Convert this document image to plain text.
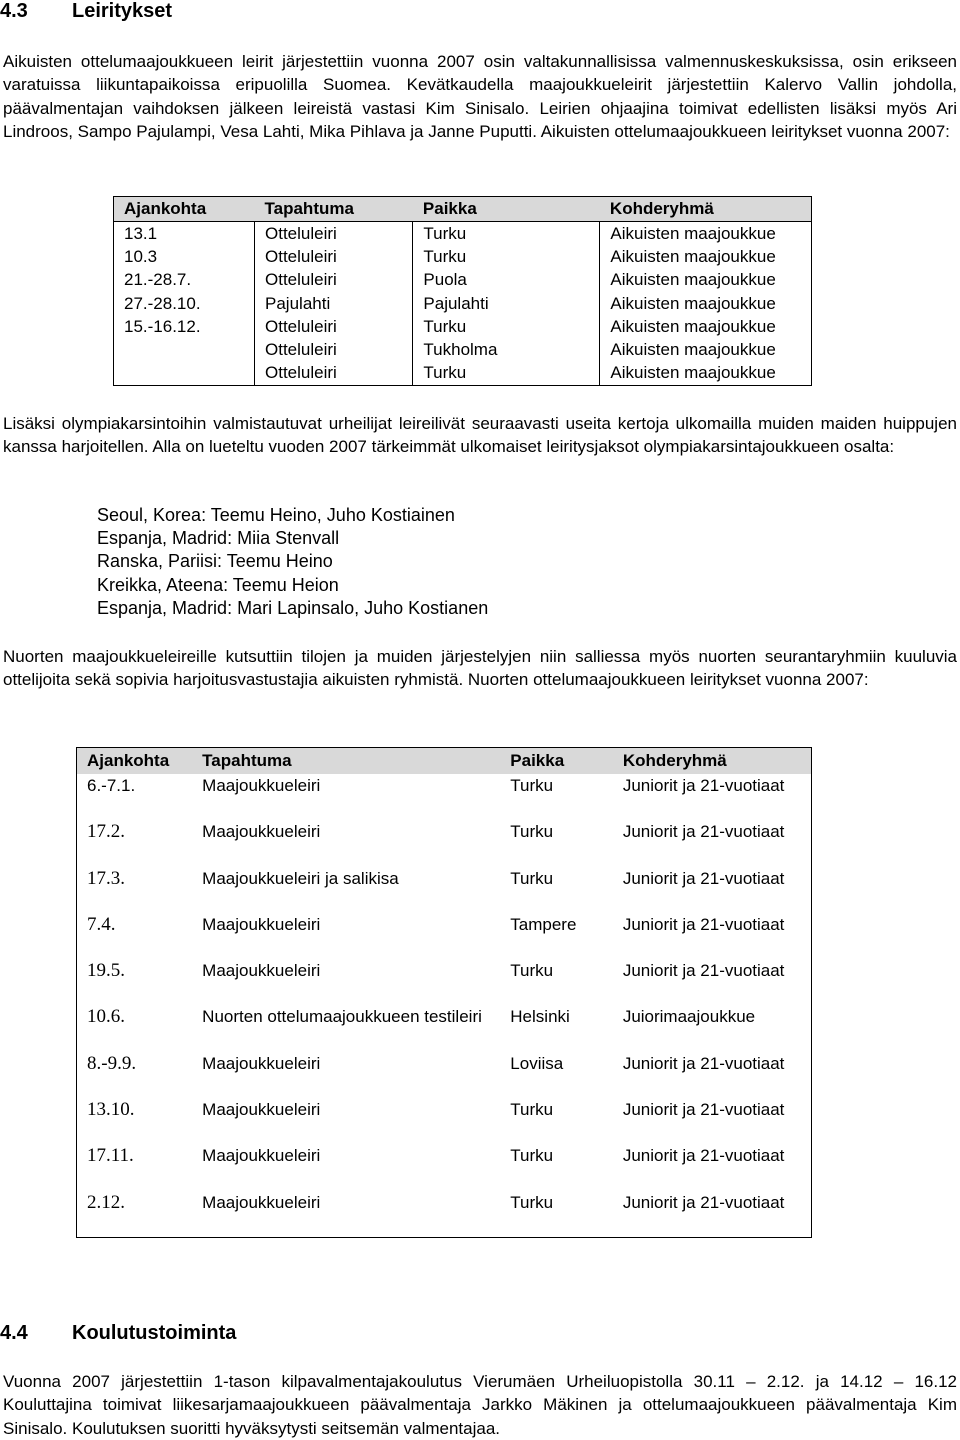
4.3 Leiritykset

Aikuisten ottelumaajoukkueen leirit järjestettiin vuonna 2007 osin valtakunnallisissa valmennuskeskuksissa, osin erikseen varatuissa liikuntapaikoissa eripuolilla Suomea. Kevätkaudella maajoukkueleirit järjestettiin Kalervo Vallin johdolla, päävalmentajan vaihdoksen jälkeen leireistä vastasi Kim Sinisalo. Leirien ohjaajina toimivat edellisten lisäksi myös Ari Lindroos, Sampo Pajulampi, Vesa Lahti, Mika Pihlava ja Janne Puputti. Aikuisten ottelumaajoukkueen leiritykset vuonna 2007:

Ajankohta	Tapahtuma	Paikka	Kohderyhmä
13.1	Otteluleiri	Turku	Aikuisten maajoukkue
10.3	Otteluleiri	Turku	Aikuisten maajoukkue
21.-28.7.	Otteluleiri	Puola	Aikuisten maajoukkue
27.-28.10.	Pajulahti	Pajulahti	Aikuisten maajoukkue
15.-16.12.	Otteluleiri	Turku	Aikuisten maajoukkue
	Otteluleiri	Tukholma	Aikuisten maajoukkue
	Otteluleiri	Turku	Aikuisten maajoukkue

Lisäksi olympiakarsintoihin valmistautuvat urheilijat leireilivät seuraavasti useita kertoja ulkomailla muiden maiden huippujen kanssa harjoitellen. Alla on lueteltu vuoden 2007 tärkeimmät ulkomaiset leiritysjaksot olympiakarsintajoukkueen osalta:

Seoul, Korea: Teemu Heino, Juho Kostiainen
Espanja, Madrid: Miia Stenvall
Ranska, Pariisi: Teemu Heino
Kreikka, Ateena: Teemu Heion
Espanja, Madrid: Mari Lapinsalo, Juho Kostianen

Nuorten maajoukkueleireille kutsuttiin tilojen ja muiden järjestelyjen niin salliessa myös nuorten seurantaryhmiin kuuluvia ottelijoita sekä sopivia harjoitusvastustajia aikuisten ryhmistä. Nuorten ottelumaajoukkueen leiritykset vuonna 2007:

Ajankohta	Tapahtuma	Paikka	Kohderyhmä
6.-7.1.	Maajoukkueleiri	Turku	Juniorit ja 21-vuotiaat
17.2.	Maajoukkueleiri	Turku	Juniorit ja 21-vuotiaat
17.3.	Maajoukkueleiri ja salikisa	Turku	Juniorit ja 21-vuotiaat
7.4.	Maajoukkueleiri	Tampere	Juniorit ja 21-vuotiaat
19.5.	Maajoukkueleiri	Turku	Juniorit ja 21-vuotiaat
10.6.	Nuorten ottelumaajoukkueen testileiri	Helsinki	Juiorimaajoukkue
8.-9.9.	Maajoukkueleiri	Loviisa	Juniorit ja 21-vuotiaat
13.10.	Maajoukkueleiri	Turku	Juniorit ja 21-vuotiaat
17.11.	Maajoukkueleiri	Turku	Juniorit ja 21-vuotiaat
2.12.	Maajoukkueleiri	Turku	Juniorit ja 21-vuotiaat
4.4 Koulutustoiminta

Vuonna 2007 järjestettiin 1-tason kilpavalmentajakoulutus Vierumäen Urheiluopistolla 30.11 – 2.12. ja 14.12 – 16.12 Kouluttajina toimivat liikesarjamaajoukkueen päävalmentaja Jarkko Mäkinen ja ottelumaajoukkueen päävalmentaja Kim Sinisalo. Koulutuksen suoritti hyväksytysti seitsemän valmentajaa.
